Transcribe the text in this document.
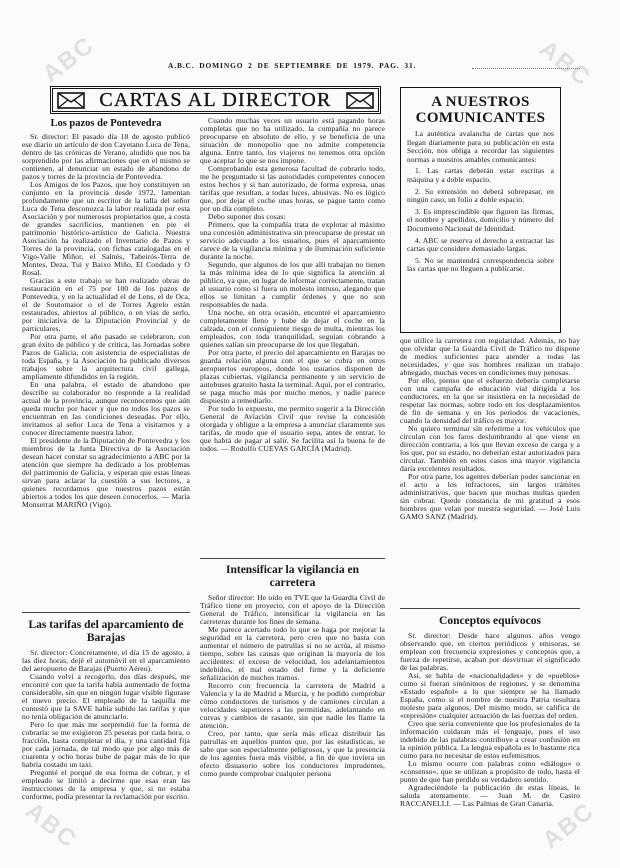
ABC	ABC
ABC	ABC
A.B.C. DOMINGO 2 DE SEPTIEMBRE DE 1979. PAG. 31.
CARTAS AL DIRECTOR	A NUESTROS
COMUNICANTES

La auténtica avalancha de cartas que nos llegan diariamente para su publicación en esta Sección, nos obliga a recordar las siguientes normas a nuestros amables comunicantes:

1. Las cartas deberán estar escritas a máquina y a doble espacio.

2. Su extensión no deberá sobrepasar, en ningún caso, un folio a doble espacio.

3. Es imprescindible que figuren las firmas, el nombre y apellidos, domicilio y número del Documento Nacional de Identidad.

4. ABC se reserva el derecho a extractar las cartas que considere demasiado largas.

5. No se mantendrá correspondencia sobre las cartas que no lleguen a publicarse.

Los pazos de Pontevedra

Sr. director: El pasado día 18 de agosto publicó ese diario un artículo de don Cayetano Luca de Tena, dentro de las crónicas de Verano, aludido que nos ha sorprendido por las afirmaciones que en el mismo se contienen, al denunciar un estado de abandono de pazos y torres de la provincia de Pontevedra.

Los Amigos de los Pazos, que hoy constituyen un conjunto en la provincia desde 1972, lamentan profundamente que un escritor de la talla del señor Luca de Tena desconozca la labor realizada por esta Asociación y por numerosos propietarios que, a costa de grandes sacrificios, mantienen en pie el patrimonio histórico-artístico de Galicia. Nuestra Asociación ha realizado el Inventario de Pazos y Torres de la provincia, con fichas catalogadas en el Vigo-Valle Miñor, el Salnés, Tabeirós-Terra de Montes, Deza, Tui y Baixo Miño, El Condado y O Rosal.

Gracias a este trabajo se han realizado obras de restauración en el 75 por 100 de los pazos de Pontevedra, y en la actualidad el de Lens, el de Oca, el de Soutomaior o el de Torres Agrelo están restaurados, abiertos al público, o en vías de serlo, por iniciativa de la Diputación Provincial y de particulares.

Por otra parte, el año pasado se celebraron, con gran éxito de público y de crítica, las Jornadas sobre Pazos de Galicia, con asistencia de especialistas de toda España, y la Asociación ha publicado diversos trabajos sobre la arquitectura civil gallega, ampliamente difundidos en la región.

En una palabra, el estado de abandono que describe su colaborador no responde a la realidad actual de la provincia, aunque reconocemos que aún queda mucho por hacer y que no todos los pazos se encuentran en las condiciones deseadas. Por ello, invitamos al señor Luca de Tena a visitarnos y a conocer directamente nuestra labor.

El presidente de la Diputación de Pontevedra y los miembros de la Junta Directiva de la Asociación desean hacer constar su agradecimiento a ABC por la atención que siempre ha dedicado a los problemas del patrimonio de Galicia, y esperan que estas líneas sirvan para aclarar la cuestión a sus lectores, a quienes recordamos que nuestros pazos están abiertos a todos los que deseen conocerlos. — María Monserrat MARIÑO (Vigo).

Las tarifas del aparcamiento de Barajas

Sr. director: Concretamente, el día 15 de agosto, a las diez horas, dejé el automóvil en el aparcamiento del aeropuerto de Barajas (Puerto Aéreo).

Cuando volví a recogerlo, dos días después, me encontré con que la tarifa había aumentado de forma considerable, sin que en ningún lugar visible figurase el nuevo precio. El empleado de la taquilla me contestó que la SAVE había subido las tarifas y que no tenía obligación de anunciarlo.

Pero lo que más me sorprendió fue la forma de cobrarla: se me exigieron 25 pesetas por cada hora, o fracción, hasta completar el día, y una cantidad fija por cada jornada, de tal modo que por algo más de cuarenta y ocho horas hube de pagar más de lo que habría costado un taxi.

Pregunté el porqué de esa forma de cobrar, y el empleado se limitó a decirme que esas eran las instrucciones de la empresa y que, si no estaba conforme, podía presentar la reclamación por escrito.

Cuando muchas veces un usuario está pagando horas completas que no ha utilizado, la compañía no parece preocuparse en absoluto de ello, y se beneficia de una situación de monopolio que no admite competencia alguna. Entre tanto, los viajeros no tenemos otra opción que aceptar lo que se nos impone.

Comprobando esta generosa facultad de cobrarlo todo, me he preguntado si las autoridades competentes conocen estos hechos y si han autorizado, de forma expresa, unas tarifas que resultan, a todas luces, abusivas. No es lógico que, por dejar el coche unas horas, se pague tanto como por un día completo.

Debo suponer dos cosas:

Primero, que la compañía trata de explotar al máximo una concesión administrativa sin preocuparse de prestar un servicio adecuado a los usuarios, pues el aparcamiento carece de la vigilancia mínima y de iluminación suficiente durante la noche.

Segundo, que algunos de los que allí trabajan no tienen la más mínima idea de lo que significa la atención al público, ya que, en lugar de informar correctamente, tratan al usuario como si fuera un molesto intruso, alegando que ellos se limitan a cumplir órdenes y que no son responsables de nada.

Una noche, en otra ocasión, encontré el aparcamiento completamente lleno y hube de dejar el coche en la calzada, con el consiguiente riesgo de multa, mientras los empleados, con toda tranquilidad, seguían cobrando a quienes salían sin preocuparse de los que llegaban.

Por otra parte, el precio del aparcamiento en Barajas no guarda relación alguna con el que se cobra en otros aeropuertos europeos, donde los usuarios disponen de plazas cubiertas, vigilancia permanente y un servicio de autobuses gratuito hasta la terminal. Aquí, por el contrario, se paga mucho más por mucho menos, y nadie parece dispuesto a remediarlo.

Por todo lo expuesto, me permito sugerir a la Dirección General de Aviación Civil que revise la concesión otorgada y obligue a la empresa a anunciar claramente sus tarifas, de modo que el usuario sepa, antes de entrar, lo que habrá de pagar al salir. Se facilita así la buena fe de todos. — Rodolfo CUEVAS GARCÍA (Madrid).

Intensificar la vigilancia en carretera

Señor director: He oído en TVE que la Guardia Civil de Tráfico tiene en proyecto, con el apoyo de la Dirección General de Tráfico, intensificar la vigilancia en las carreteras durante los fines de semana.

Me parece acertado todo lo que se haga por mejorar la seguridad en la carretera, pero creo que no basta con aumentar el número de patrullas si no se actúa, al mismo tiempo, sobre las causas que originan la mayoría de los accidentes: el exceso de velocidad, los adelantamientos indebidos, el mal estado del firme y la deficiente señalización de muchos tramos.

Recorro con frecuencia la carretera de Madrid a Valencia y la de Madrid a Murcia, y he podido comprobar cómo conductores de turismos y de camiones circulan a velocidades superiores a las permitidas, adelantando en curvas y cambios de rasante, sin que nadie les llame la atención.

Creo, por tanto, que sería más eficaz distribuir las patrullas en aquellos puntos que, por las estadísticas, se sabe que son especialmente peligrosos, y que la presencia de los agentes fuera más visible, a fin de que tuviera un efecto disuasorio sobre los conductores imprudentes, como puede comprobar cualquier persona

que utilice la carretera con regularidad. Además, no hay que olvidar que la Guardia Civil de Tráfico no dispone de medios suficientes para atender a todas las necesidades, y que sus hombres realizan un trabajo abnegado, muchas veces en condiciones muy penosas.

Por ello, pienso que el esfuerzo debería completarse con una campaña de educación vial dirigida a los conductores, en la que se insistiera en la necesidad de respetar las normas, sobre todo en los desplazamientos de fin de semana y en los periodos de vacaciones, cuando la densidad del tráfico es mayor.

No quiero terminar sin referirme a los vehículos que circulan con los faros deslumbrando al que viene en dirección contraria, a los que llevan exceso de carga y a los que, por su estado, no deberían estar autorizados para circular. También en estos casos una mayor vigilancia daría excelentes resultados.

Por otra parte, los agentes deberían poder sancionar en el acto a los infractores, sin largos trámites administrativos, que hacen que muchas multas queden sin cobrar. Quede constancia de mi gratitud a esos hombres que velan por nuestra seguridad. — José Luis GAMO SANZ (Madrid).

Conceptos equívocos

Sr. director: Desde hace algunos años vengo observando que, en ciertos periódicos y emisoras, se emplean con frecuencia expresiones y conceptos que, a fuerza de repetirse, acaban por desvirtuar el significado de las palabras.

Así, se habla de «nacionalidades» y de «pueblos» como si fueran sinónimos de regiones, y se denomina «Estado español» a lo que siempre se ha llamado España, como si el nombre de nuestra Patria resultara molesto para algunos. Del mismo modo, se califica de «represión» cualquier actuación de las fuerzas del orden.

Creo que sería conveniente que los profesionales de la información cuidaran más el lenguaje, pues el uso indebido de las palabras contribuye a crear confusión en la opinión pública. La lengua española es lo bastante rica como para no necesitar de estos eufemismos.

Lo mismo ocurre con palabras como «diálogo» o «consenso», que se utilizan a propósito de todo, hasta el punto de que han perdido su verdadero sentido.

Agradeciéndole la publicación de estas líneas, le saluda atentamente. — Juan M. de Castro RACCANELLI. — Las Palmas de Gran Canaria.
